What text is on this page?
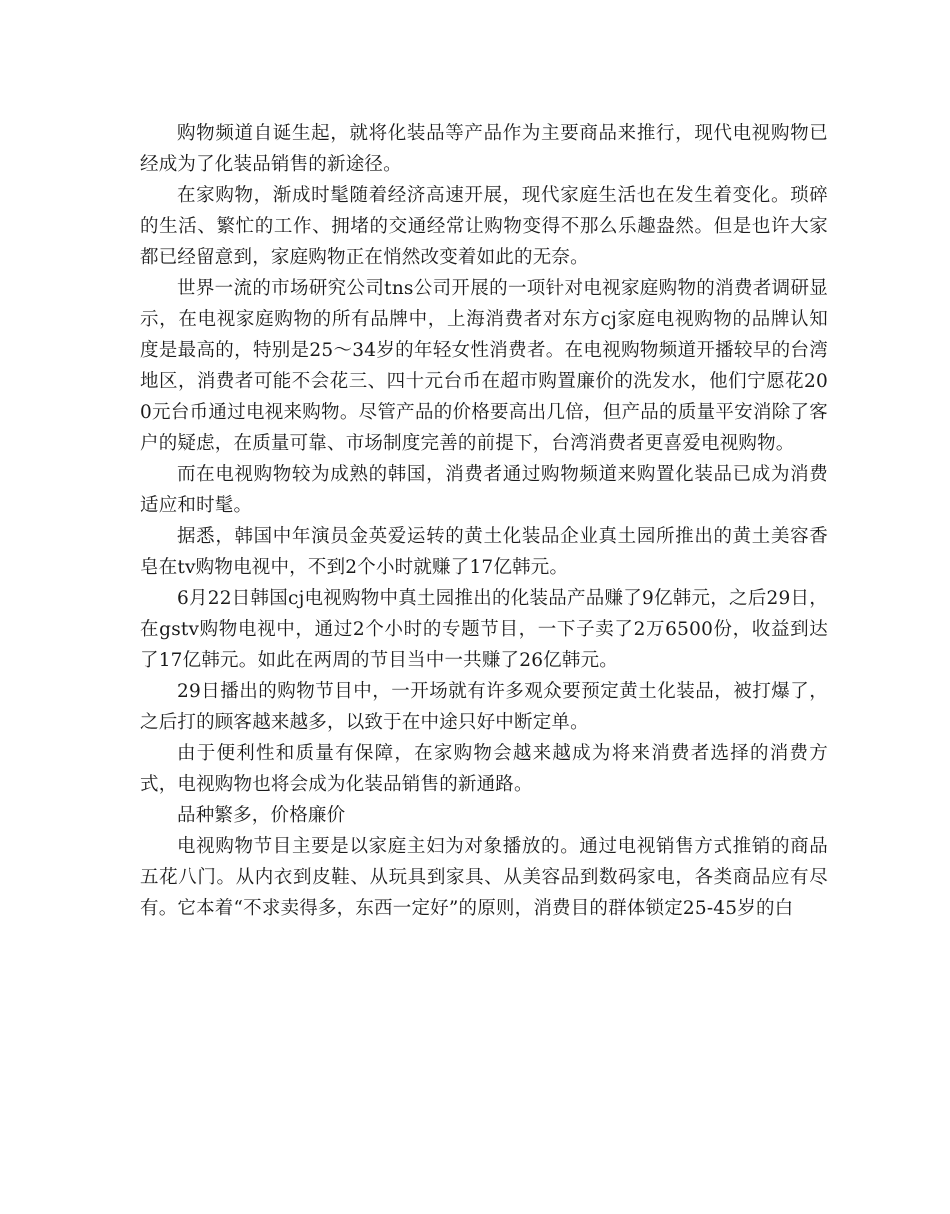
购物频道自诞生起，就将化装品等产品作为主要商品来推行，现代电视购物已经成为了化装品销售的新途径。

在家购物，渐成时髦随着经济高速开展，现代家庭生活也在发生着变化。琐碎的生活、繁忙的工作、拥堵的交通经常让购物变得不那么乐趣盎然。但是也许大家都已经留意到，家庭购物正在悄然改变着如此的无奈。

世界一流的市场研究公司tns公司开展的一项针对电视家庭购物的消费者调研显示，在电视家庭购物的所有品牌中，上海消费者对东方cj家庭电视购物的品牌认知度是最高的，特别是25～34岁的年轻女性消费者。在电视购物频道开播较早的台湾地区，消费者可能不会花三、四十元台币在超市购置廉价的洗发水，他们宁愿花200元台币通过电视来购物。尽管产品的价格要高出几倍，但产品的质量平安消除了客户的疑虑，在质量可靠、市场制度完善的前提下，台湾消费者更喜爱电视购物。

而在电视购物较为成熟的韩国，消费者通过购物频道来购置化装品已成为消费适应和时髦。

据悉，韩国中年演员金英爱运转的黄土化装品企业真土园所推出的黄土美容香皂在tv购物电视中，不到2个小时就赚了17亿韩元。

6月22日韩国cj电视购物中真土园推出的化装品产品赚了9亿韩元，之后29日，在gstv购物电视中，通过2个小时的专题节目，一下子卖了2万6500份，收益到达了17亿韩元。如此在两周的节目当中一共赚了26亿韩元。

29日播出的购物节目中，一开场就有许多观众要预定黄土化装品，被打爆了，之后打的顾客越来越多，以致于在中途只好中断定单。

由于便利性和质量有保障，在家购物会越来越成为将来消费者选择的消费方式，电视购物也将会成为化装品销售的新通路。

品种繁多，价格廉价

电视购物节目主要是以家庭主妇为对象播放的。通过电视销售方式推销的商品五花八门。从内衣到皮鞋、从玩具到家具、从美容品到数码家电，各类商品应有尽有。它本着“不求卖得多，东西一定好”的原则，消费目的群体锁定25-45岁的白
